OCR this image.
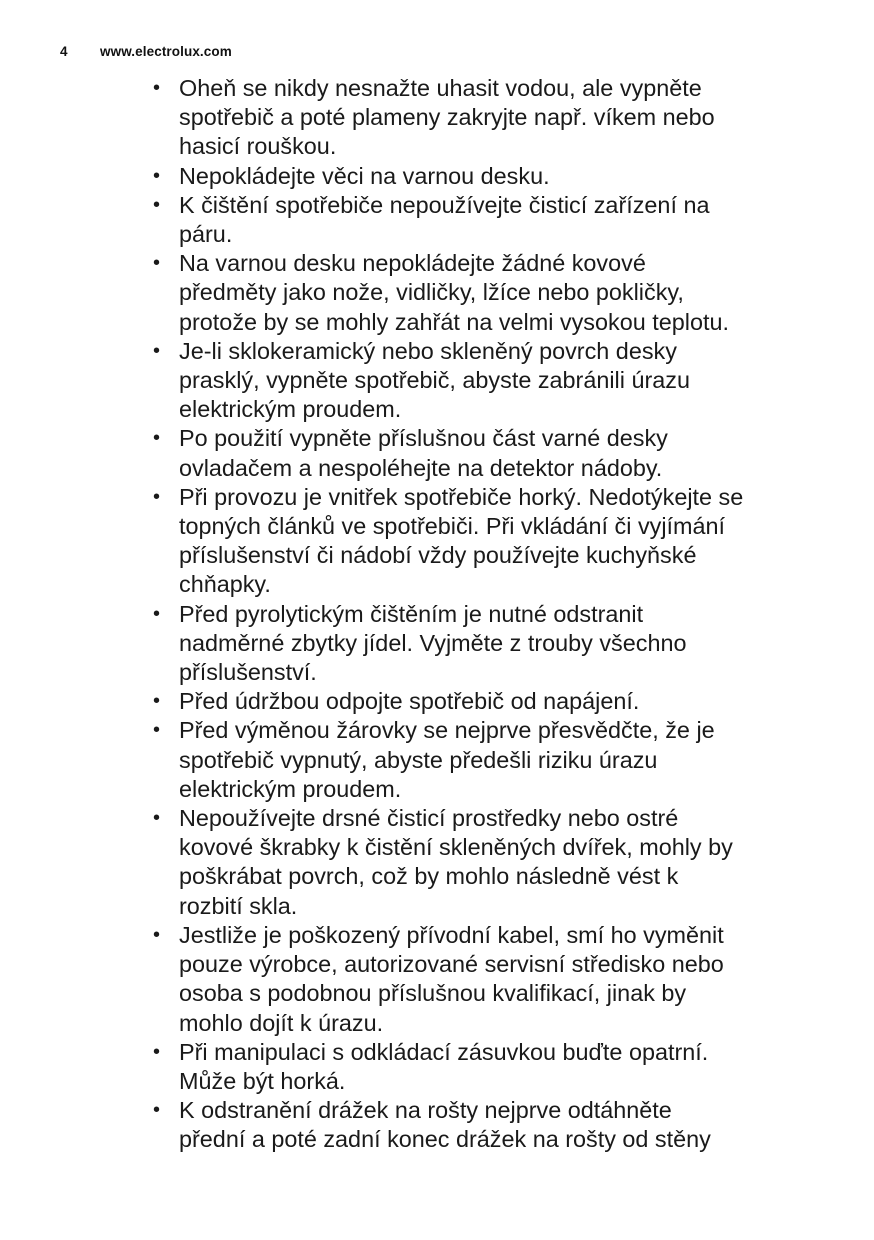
4	www.electrolux.com
• Oheň se nikdy nesnažte uhasit vodou, ale vypněte
spotřebič a poté plameny zakryjte např. víkem nebo
hasicí rouškou.
• Nepokládejte věci na varnou desku.
• K čištění spotřebiče nepoužívejte čisticí zařízení na
páru.
• Na varnou desku nepokládejte žádné kovové
předměty jako nože, vidličky, lžíce nebo pokličky,
protože by se mohly zahřát na velmi vysokou teplotu.
• Je-li sklokeramický nebo skleněný povrch desky
prasklý, vypněte spotřebič, abyste zabránili úrazu
elektrickým proudem.
• Po použití vypněte příslušnou část varné desky
ovladačem a nespoléhejte na detektor nádoby.
• Při provozu je vnitřek spotřebiče horký. Nedotýkejte se
topných článků ve spotřebiči. Při vkládání či vyjímání
příslušenství či nádobí vždy používejte kuchyňské
chňapky.
• Před pyrolytickým čištěním je nutné odstranit
nadměrné zbytky jídel. Vyjměte z trouby všechno
příslušenství.
• Před údržbou odpojte spotřebič od napájení.
• Před výměnou žárovky se nejprve přesvědčte, že je
spotřebič vypnutý, abyste předešli riziku úrazu
elektrickým proudem.
• Nepoužívejte drsné čisticí prostředky nebo ostré
kovové škrabky k čistění skleněných dvířek, mohly by
poškrábat povrch, což by mohlo následně vést k
rozbití skla.
• Jestliže je poškozený přívodní kabel, smí ho vyměnit
pouze výrobce, autorizované servisní středisko nebo
osoba s podobnou příslušnou kvalifikací, jinak by
mohlo dojít k úrazu.
• Při manipulaci s odkládací zásuvkou buďte opatrní.
Může být horká.
• K odstranění drážek na rošty nejprve odtáhněte
přední a poté zadní konec drážek na rošty od stěny
